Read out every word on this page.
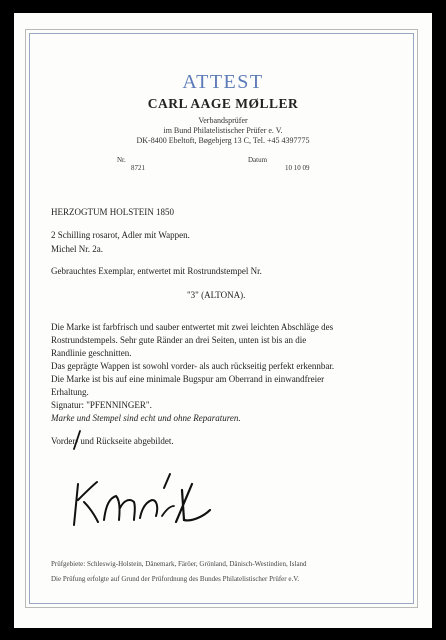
ATTEST
CARL AAGE MØLLER
Verbandsprüfer
im Bund Philatelistischer Prüfer e. V.
DK-8400 Ebeltoft, Bøgebjerg 13 C, Tel. +45 4397775
Nr.
8721
Datum
10 10 09
HERZOGTUM HOLSTEIN 1850
2 Schilling rosarot, Adler mit Wappen.
Michel Nr. 2a.
Gebrauchtes Exemplar, entwertet mit Rostrundstempel Nr.
"3" (ALTONA).
Die Marke ist farbfrisch und sauber entwertet mit zwei leichten Abschläge des
Rostrundstempels. Sehr gute Ränder an drei Seiten, unten ist bis an die
Randlinie geschnitten.
Das geprägte Wappen ist sowohl vorder- als auch rückseitig perfekt erkennbar.
Die Marke ist bis auf eine minimale Bugspur am Oberrand in einwandfreier
Erhaltung.
Signatur: "PFENNINGER".
Marke und Stempel sind echt und ohne Reparaturen.
Vorder- und Rückseite abgebildet.
Prüfgebiete: Schleswig-Holstein, Dänemark, Färöer, Grönland, Dänisch-Westindien, Island
Die Prüfung erfolgte auf Grund der Prüfordnung des Bundes Philatelistischer Prüfer e.V.
